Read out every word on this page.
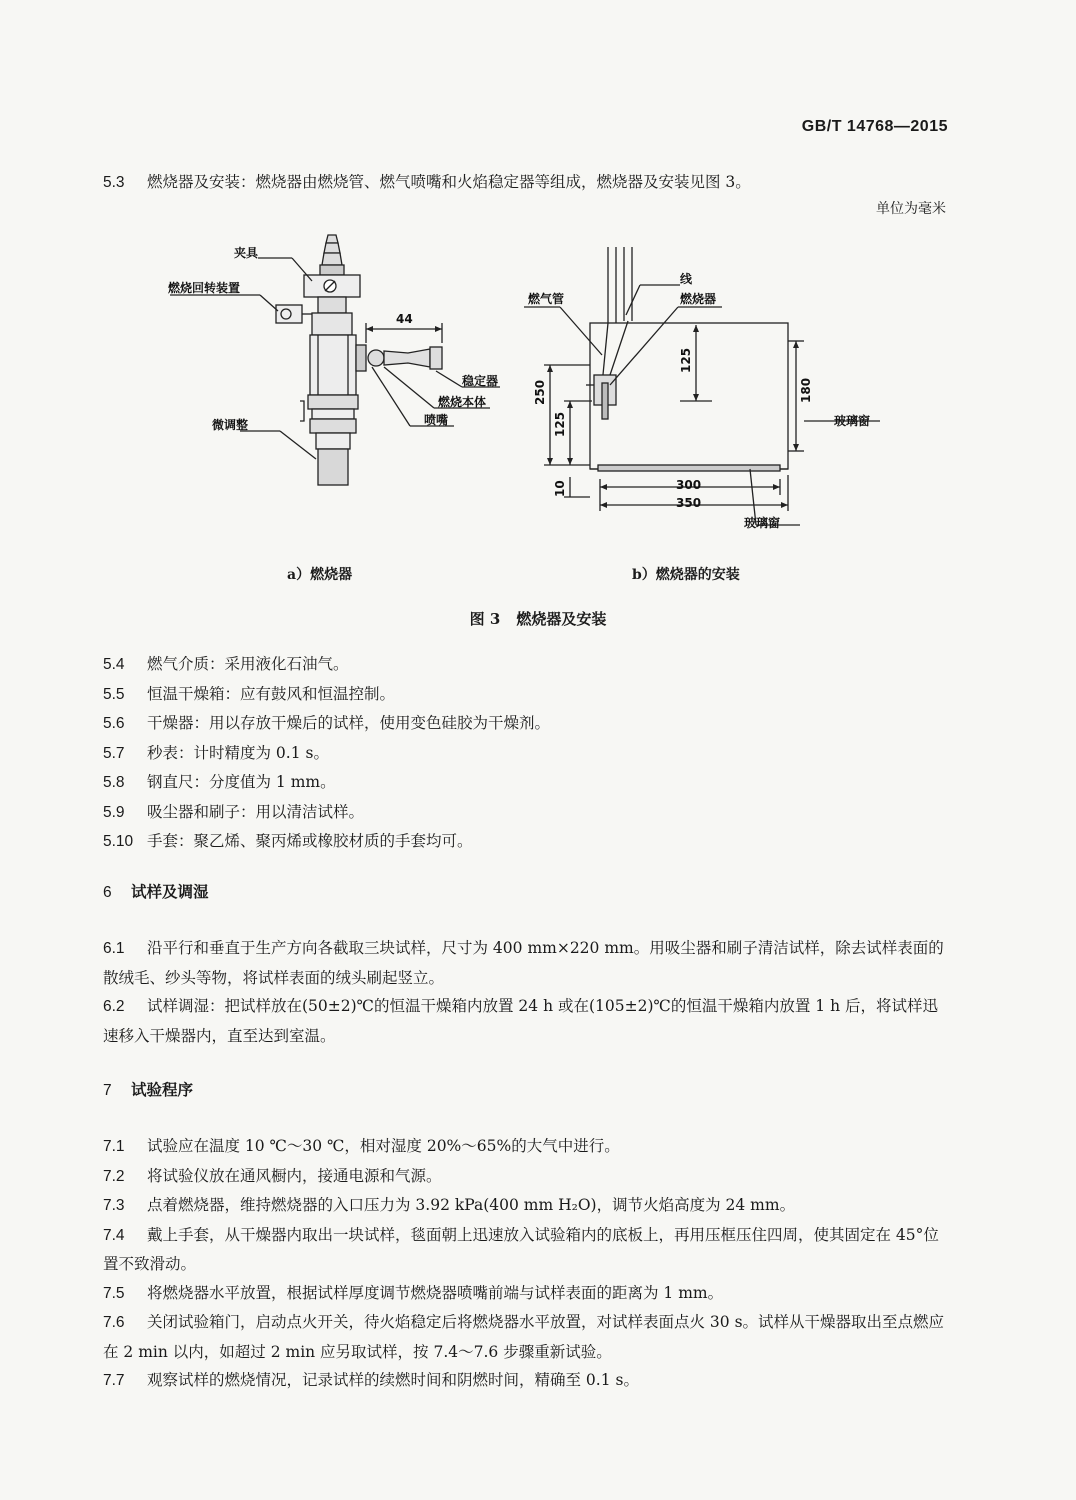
GB/T 14768—2015
5.3 燃烧器及安装：燃烧器由燃烧管、燃气喷嘴和火焰稳定器等组成，燃烧器及安装见图 3。
单位为毫米
夹具
燃烧回转装置
44
稳定器
燃烧本体
喷嘴
微调整
线
燃气管	燃烧器
125
250
125
180
玻璃窗
10	300
350
玻璃窗
a）燃烧器	b）燃烧器的安装
图 3 燃烧器及安装
5.4 燃气介质：采用液化石油气。
5.5 恒温干燥箱：应有鼓风和恒温控制。
5.6 干燥器：用以存放干燥后的试样，使用变色硅胶为干燥剂。
5.7 秒表：计时精度为 0.1 s。
5.8 钢直尺：分度值为 1 mm。
5.9 吸尘器和刷子：用以清洁试样。
5.10 手套：聚乙烯、聚丙烯或橡胶材质的手套均可。
6 试样及调湿
6.1 沿平行和垂直于生产方向各截取三块试样，尺寸为 400 mm×220 mm。用吸尘器和刷子清洁试样，除去试样表面的散绒毛、纱头等物，将试样表面的绒头刷起竖立。
6.2 试样调湿：把试样放在(50±2)℃的恒温干燥箱内放置 24 h 或在(105±2)℃的恒温干燥箱内放置 1 h 后，将试样迅速移入干燥器内，直至达到室温。
7 试验程序
7.1 试验应在温度 10 ℃～30 ℃，相对湿度 20%～65%的大气中进行。
7.2 将试验仪放在通风橱内，接通电源和气源。
7.3 点着燃烧器，维持燃烧器的入口压力为 3.92 kPa(400 mm H₂O)，调节火焰高度为 24 mm。
7.4 戴上手套，从干燥器内取出一块试样，毯面朝上迅速放入试验箱内的底板上，再用压框压住四周，使其固定在 45°位置不致滑动。
7.5 将燃烧器水平放置，根据试样厚度调节燃烧器喷嘴前端与试样表面的距离为 1 mm。
7.6 关闭试验箱门，启动点火开关，待火焰稳定后将燃烧器水平放置，对试样表面点火 30 s。试样从干燥器取出至点燃应在 2 min 以内，如超过 2 min 应另取试样，按 7.4～7.6 步骤重新试验。
7.7 观察试样的燃烧情况，记录试样的续燃时间和阴燃时间，精确至 0.1 s。
